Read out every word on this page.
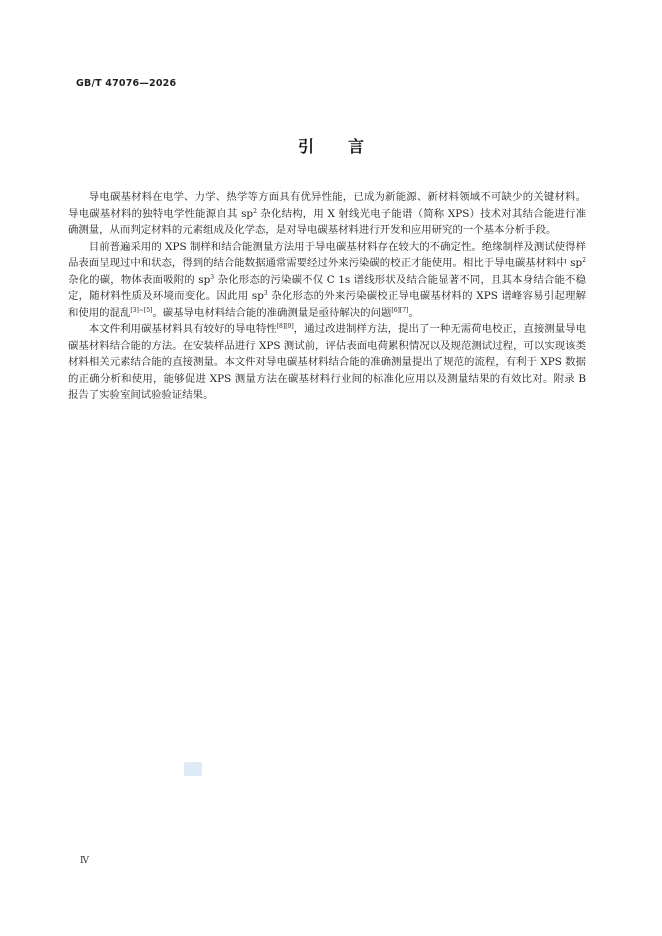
GB/T 47076—2026
引言

导电碳基材料在电学、力学、热学等方面具有优异性能，已成为新能源、新材料领域不可缺少的关键材料。导电碳基材料的独特电学性能源自其 $sp^2$ 杂化结构，用 X 射线光电子能谱（简称 XPS）技术对其结合能进行准确测量，从而判定材料的元素组成及化学态，是对导电碳基材料进行开发和应用研究的一个基本分析手段。

目前普遍采用的 XPS 制样和结合能测量方法用于导电碳基材料存在较大的不确定性。绝缘制样及测试使得样品表面呈现过中和状态，得到的结合能数据通常需要经过外来污染碳的校正才能使用。相比于导电碳基材料中 $sp^2$ 杂化的碳，物体表面吸附的 $sp^3$ 杂化形态的污染碳不仅 C 1s 谱线形状及结合能显著不同，且其本身结合能不稳定，随材料性质及环境而变化。因此用 $sp^3$ 杂化形态的外来污染碳校正导电碳基材料的 XPS 谱峰容易引起理解和使用的混乱[3]~[5]。碳基导电材料结合能的准确测量是亟待解决的问题[6][7]。

本文件利用碳基材料具有较好的导电特性[8][9]，通过改进制样方法，提出了一种无需荷电校正，直接测量导电碳基材料结合能的方法。在安装样品进行 XPS 测试前，评估表面电荷累积情况以及规范测试过程，可以实现该类材料相关元素结合能的直接测量。本文件对导电碳基材料结合能的准确测量提出了规范的流程，有利于 XPS 数据的正确分析和使用，能够促进 XPS 测量方法在碳基材料行业间的标准化应用以及测量结果的有效比对。附录 B 报告了实验室间试验验证结果。

Ⅳ
